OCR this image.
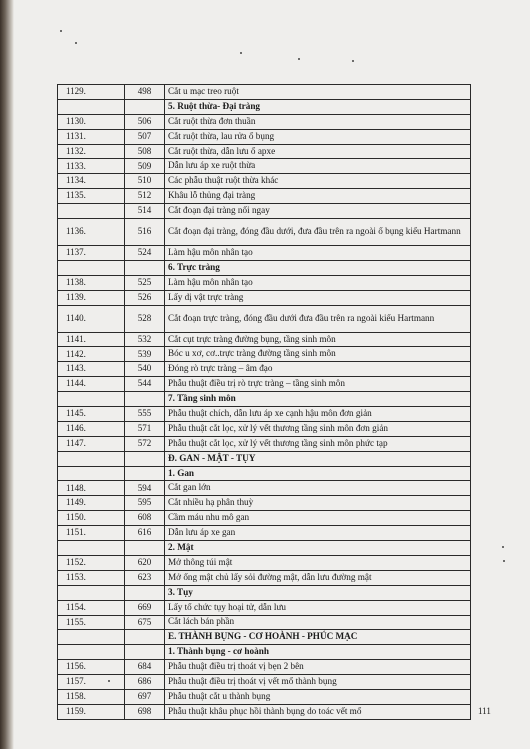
1129.	498	Cắt u mạc treo ruột
		5. Ruột thừa- Đại tràng
1130.	506	Cắt ruột thừa đơn thuần
1131.	507	Cắt ruột thừa, lau rửa ổ bụng
1132.	508	Cắt ruột thừa, dẫn lưu ổ apxe
1133.	509	Dẫn lưu áp xe ruột thừa
1134.	510	Các phẫu thuật ruột thừa khác
1135.	512	Khâu lỗ thủng đại tràng
	514	Cắt đoạn đại tràng nối ngay
1136.	516	Cắt đoạn đại tràng, đóng đầu dưới, đưa đầu trên ra ngoài ổ bụng kiểu Hartmann
1137.	524	Làm hậu môn nhân tạo
		6. Trực tràng
1138.	525	Làm hậu môn nhân tạo
1139.	526	Lấy dị vật trực tràng
1140.	528	Cắt đoạn trực tràng, đóng đầu dưới đưa đầu trên ra ngoài kiểu Hartmann
1141.	532	Cắt cụt trực tràng đường bụng, tầng sinh môn
1142.	539	Bóc u xơ, cơ..trực tràng đường tầng sinh môn
1143.	540	Đóng rò trực tràng – âm đạo
1144.	544	Phẫu thuật điều trị rò trực tràng – tầng sinh môn
		7. Tầng sinh môn
1145.	555	Phẫu thuật chích, dẫn lưu áp xe cạnh hậu môn đơn giản
1146.	571	Phẫu thuật cắt lọc, xử lý vết thương tầng sinh môn đơn giản
1147.	572	Phẫu thuật cắt lọc, xử lý vết thương tầng sinh môn phức tạp
		Đ. GAN - MẬT - TỤY
		1. Gan
1148.	594	Cắt gan lớn
1149.	595	Cắt nhiều hạ phân thuỳ
1150.	608	Cầm máu nhu mô gan
1151.	616	Dẫn lưu áp xe gan
		2. Mật
1152.	620	Mở thông túi mật
1153.	623	Mở ống mật chủ lấy sỏi đường mật, dẫn lưu đường mật
		3. Tụy
1154.	669	Lấy tổ chức tụy hoại tử, dẫn lưu
1155.	675	Cắt lách bán phần
		E. THÀNH BỤNG - CƠ HOÀNH - PHÚC MẠC
		1. Thành bụng - cơ hoành
1156.	684	Phẫu thuật điều trị thoát vị bẹn 2 bên
1157.	686	Phẫu thuật điều trị thoát vị vết mổ thành bụng
1158.	697	Phẫu thuật cắt u thành bụng
1159.	698	Phẫu thuật khâu phục hồi thành bụng do toác vết mổ	111
